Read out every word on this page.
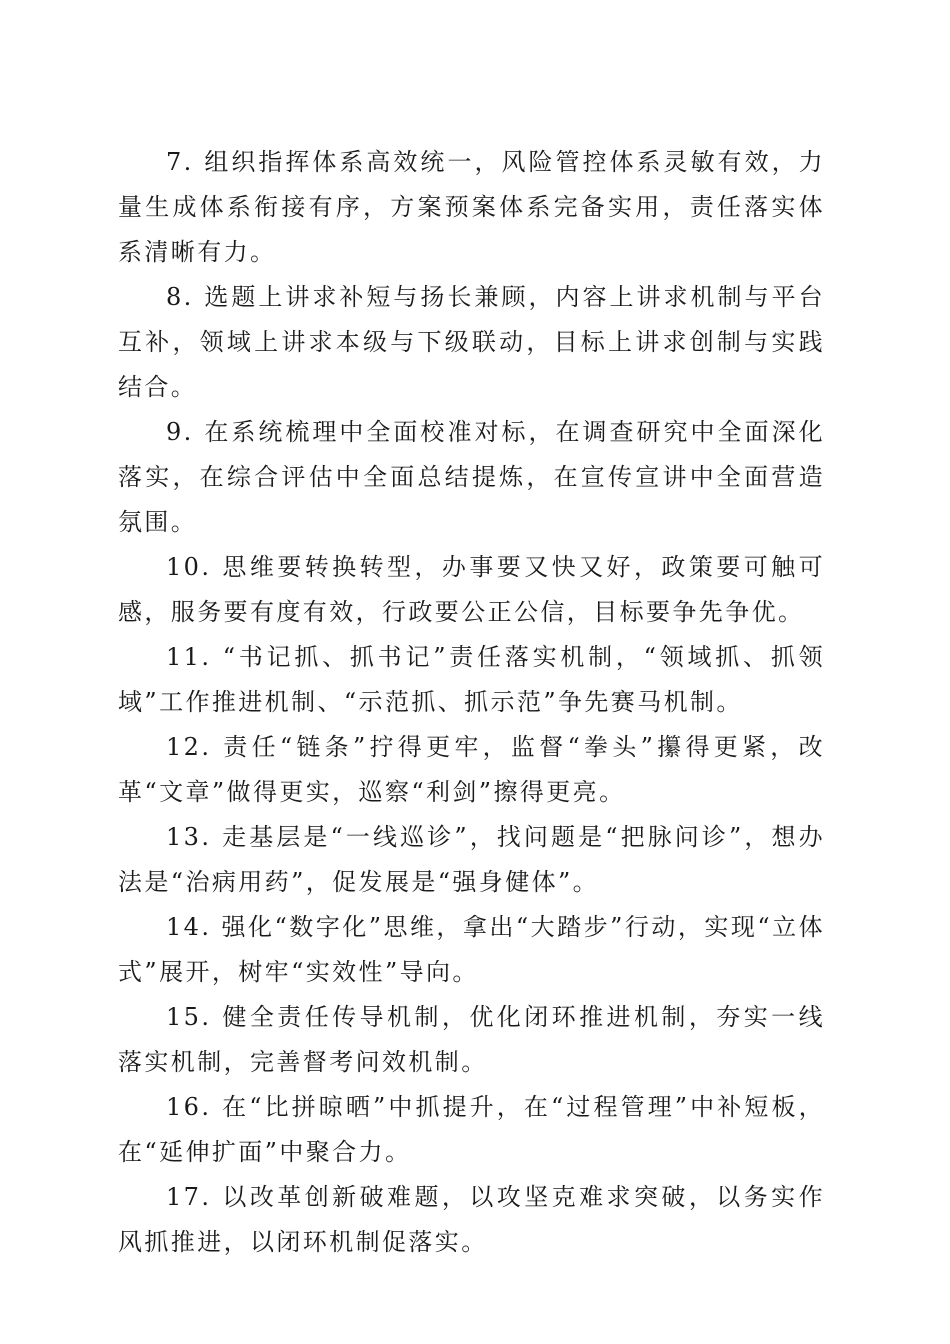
7. 组织指挥体系高效统一，风险管控体系灵敏有效，力量生成体系衔接有序，方案预案体系完备实用，责任落实体系清晰有力。

8. 选题上讲求补短与扬长兼顾，内容上讲求机制与平台互补，领域上讲求本级与下级联动，目标上讲求创制与实践结合。

9. 在系统梳理中全面校准对标，在调查研究中全面深化落实，在综合评估中全面总结提炼，在宣传宣讲中全面营造氛围。

10. 思维要转换转型，办事要又快又好，政策要可触可感，服务要有度有效，行政要公正公信，目标要争先争优。

11. “书记抓、抓书记”责任落实机制，“领域抓、抓领域”工作推进机制、“示范抓、抓示范”争先赛马机制。

12. 责任“链条”拧得更牢，监督“拳头”攥得更紧，改革“文章”做得更实，巡察“利剑”擦得更亮。

13. 走基层是“一线巡诊”，找问题是“把脉问诊”，想办法是“治病用药”，促发展是“强身健体”。

14. 强化“数字化”思维，拿出“大踏步”行动，实现“立体式”展开，树牢“实效性”导向。

15. 健全责任传导机制，优化闭环推进机制，夯实一线落实机制，完善督考问效机制。

16. 在“比拼晾晒”中抓提升，在“过程管理”中补短板，在“延伸扩面”中聚合力。

17. 以改革创新破难题，以攻坚克难求突破，以务实作风抓推进，以闭环机制促落实。
